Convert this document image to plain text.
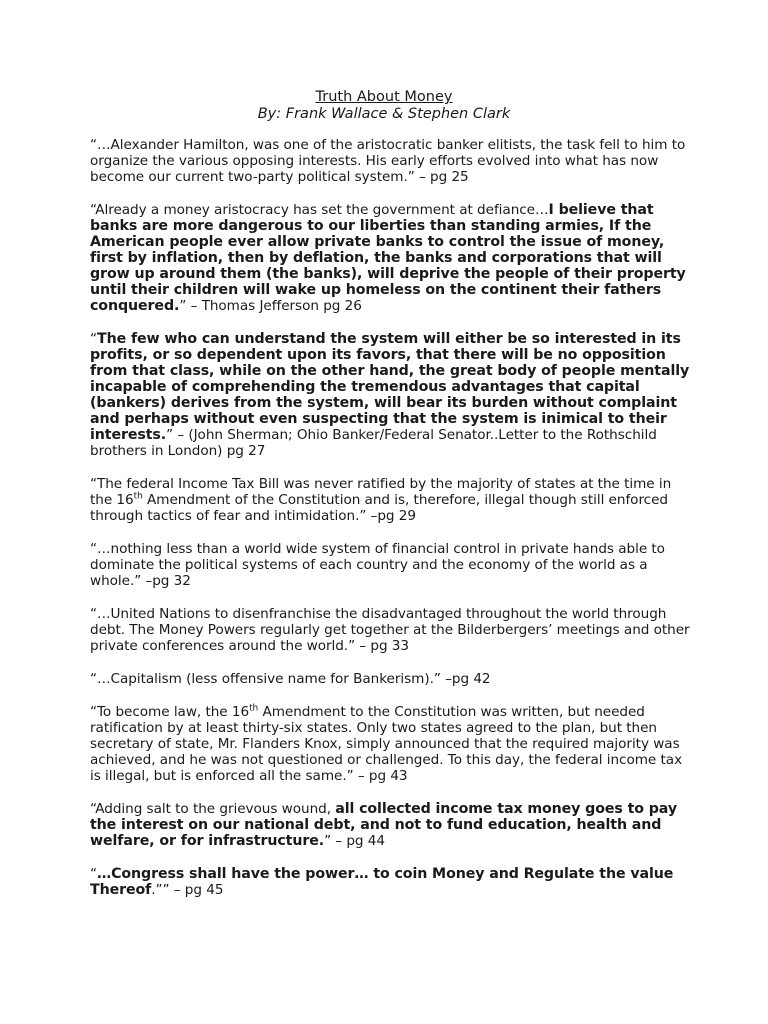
Truth About Money

By: Frank Wallace & Stephen Clark

“…Alexander Hamilton, was one of the aristocratic banker elitists, the task fell to him to organize the various opposing interests. His early efforts evolved into what has now become our current two-party political system.” – pg 25

“Already a money aristocracy has set the government at defiance…I believe that banks are more dangerous to our liberties than standing armies, If the American people ever allow private banks to control the issue of money, first by inflation, then by deflation, the banks and corporations that will grow up around them (the banks), will deprive the people of their property until their children will wake up homeless on the continent their fathers conquered.” – Thomas Jefferson pg 26

“The few who can understand the system will either be so interested in its profits, or so dependent upon its favors, that there will be no opposition from that class, while on the other hand, the great body of people mentally incapable of comprehending the tremendous advantages that capital (bankers) derives from the system, will bear its burden without complaint and perhaps without even suspecting that the system is inimical to their interests.” – (John Sherman; Ohio Banker/Federal Senator..Letter to the Rothschild brothers in London) pg 27

“The federal Income Tax Bill was never ratified by the majority of states at the time in the 16th Amendment of the Constitution and is, therefore, illegal though still enforced through tactics of fear and intimidation.” –pg 29

“…nothing less than a world wide system of financial control in private hands able to dominate the political systems of each country and the economy of the world as a whole.” –pg 32

“…United Nations to disenfranchise the disadvantaged throughout the world through debt. The Money Powers regularly get together at the Bilderbergers’ meetings and other private conferences around the world.” – pg 33

“…Capitalism (less offensive name for Bankerism).” –pg 42

“To become law, the 16th Amendment to the Constitution was written, but needed ratification by at least thirty-six states. Only two states agreed to the plan, but then secretary of state, Mr. Flanders Knox, simply announced that the required majority was achieved, and he was not questioned or challenged. To this day, the federal income tax is illegal, but is enforced all the same.” – pg 43

“Adding salt to the grievous wound, all collected income tax money goes to pay the interest on our national debt, and not to fund education, health and welfare, or for infrastructure.” – pg 44

“…Congress shall have the power… to coin Money and Regulate the value Thereof.”” – pg 45
